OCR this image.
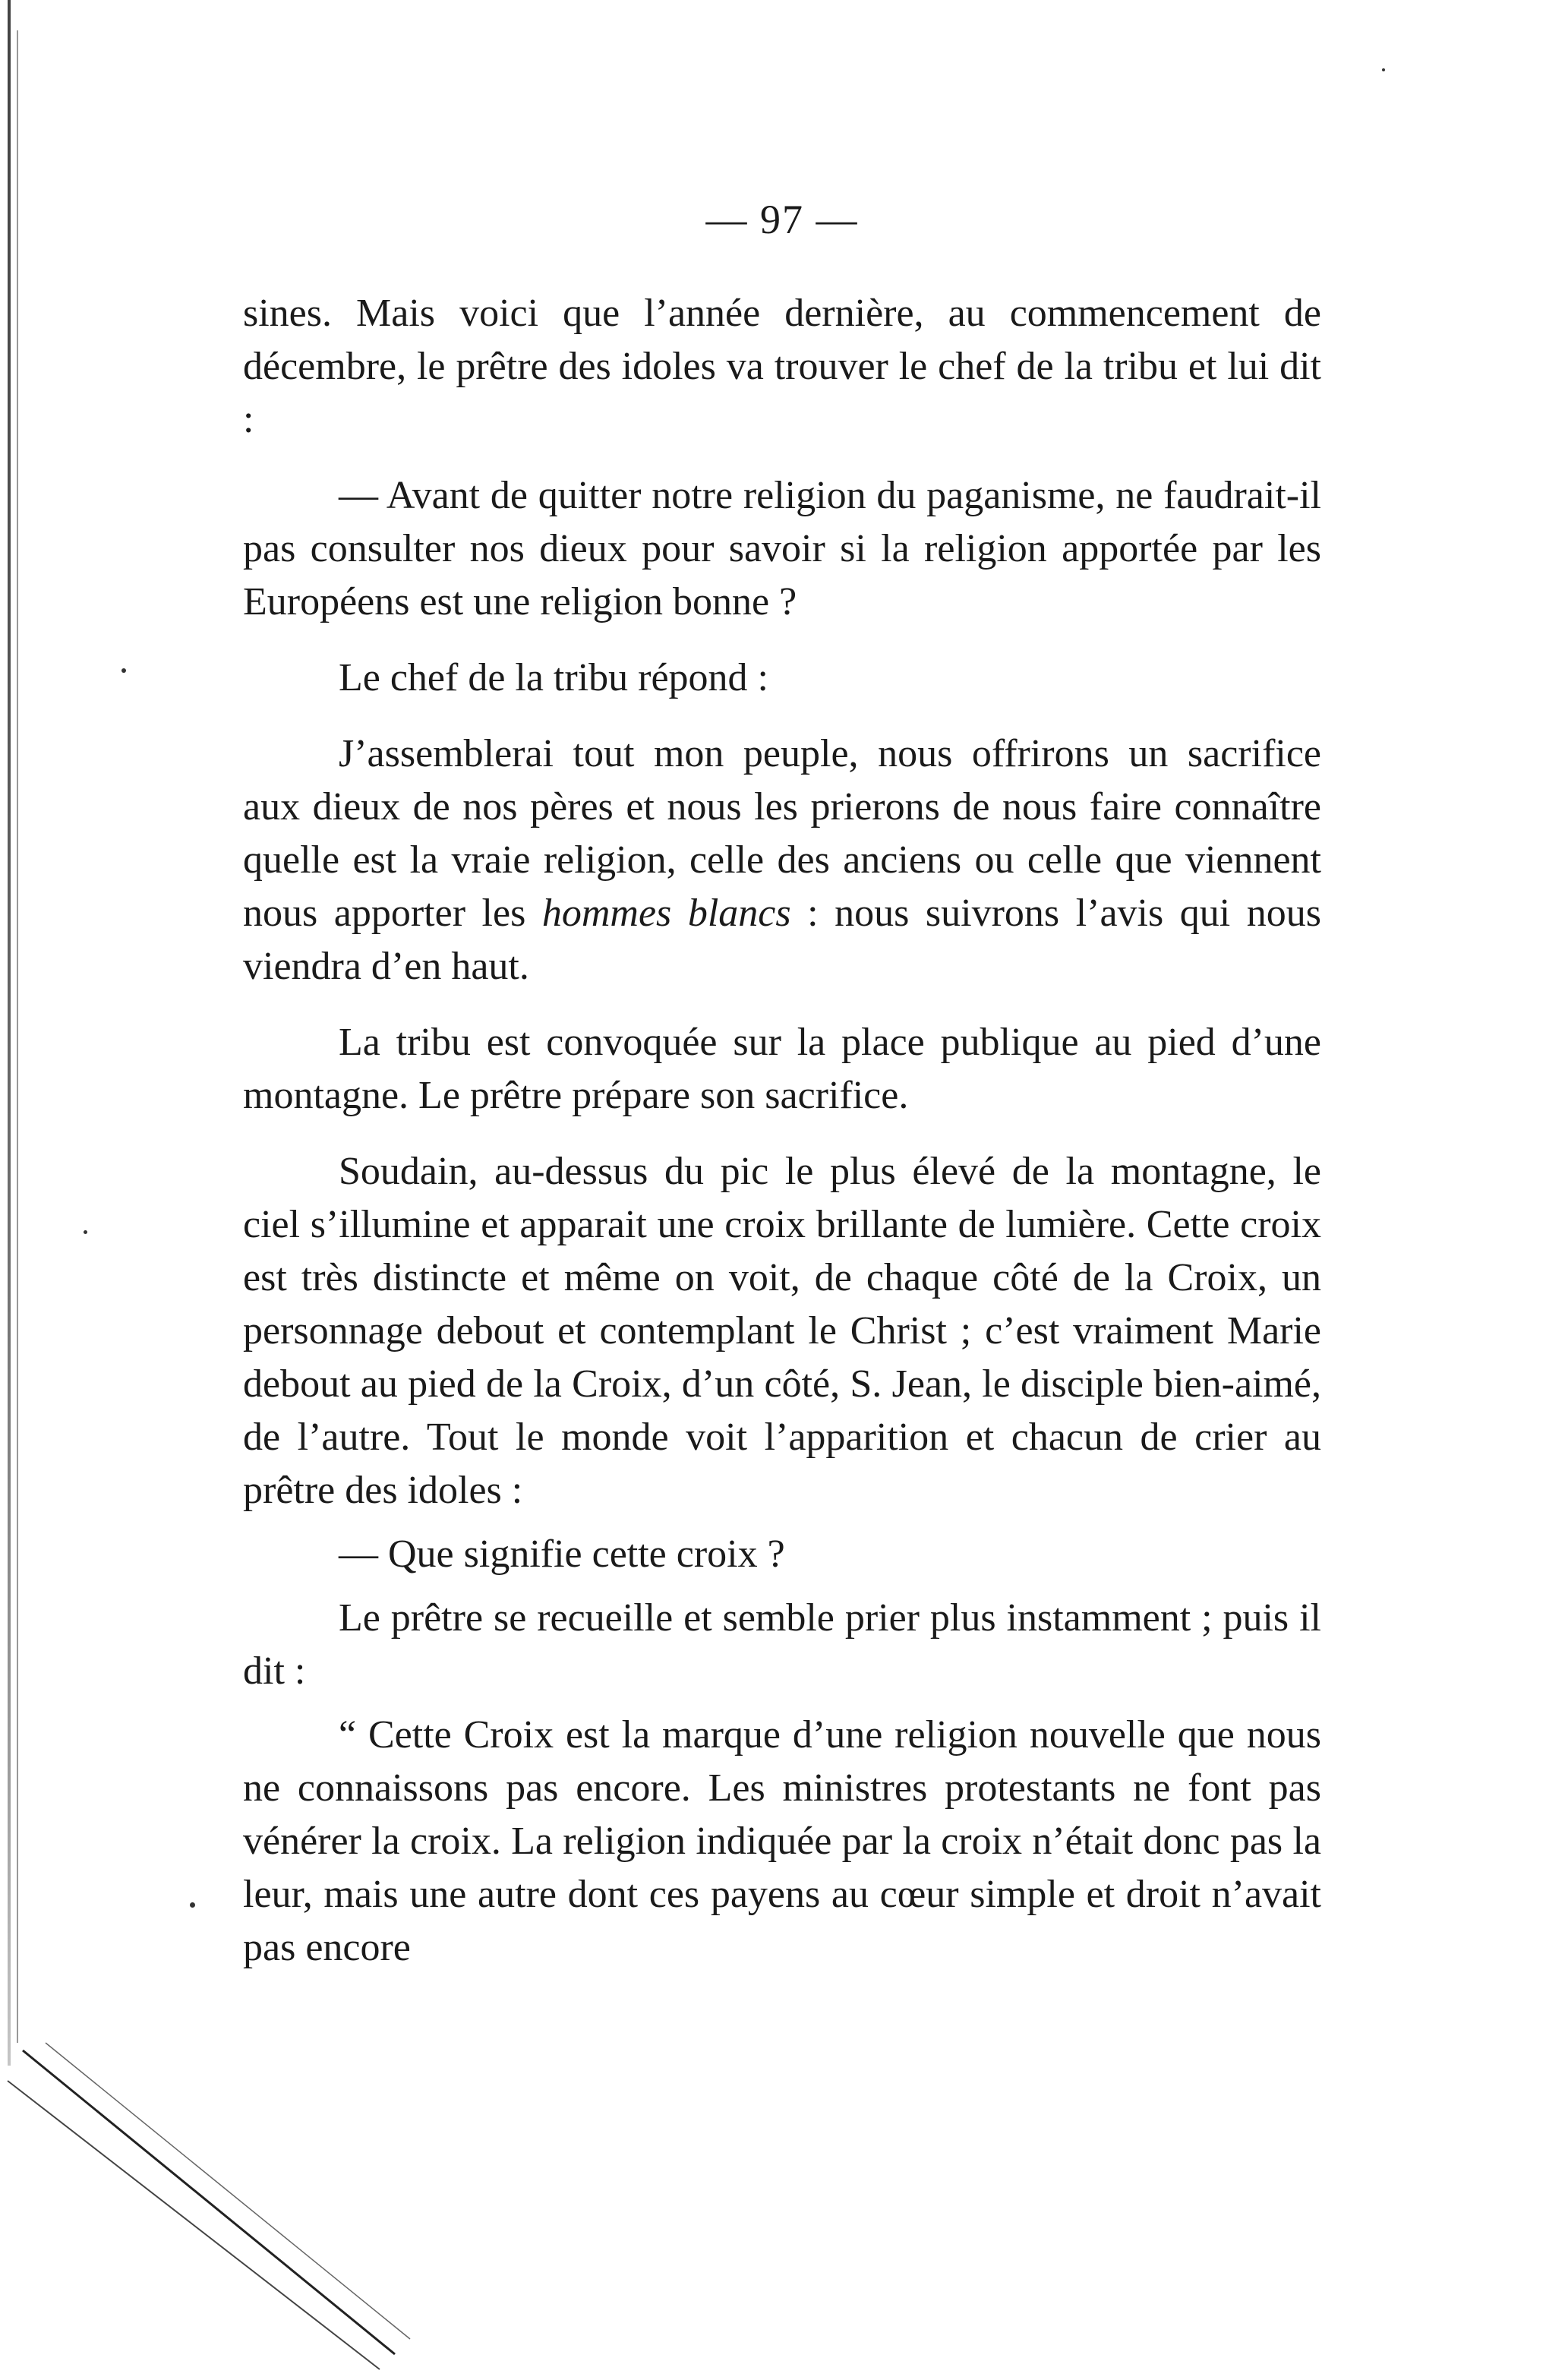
— 97 —

sines. Mais voici que l’année dernière, au commencement de décembre, le prêtre des idoles va trouver le chef de la tribu et lui dit :

— Avant de quitter notre religion du paganisme, ne faudrait-il pas consulter nos dieux pour savoir si la religion apportée par les Européens est une religion bonne ?

Le chef de la tribu répond :

J’assemblerai tout mon peuple, nous offrirons un sacrifice aux dieux de nos pères et nous les prierons de nous faire connaître quelle est la vraie religion, celle des anciens ou celle que viennent nous apporter les hommes blancs : nous suivrons l’avis qui nous viendra d’en haut.

La tribu est convoquée sur la place publique au pied d’une montagne. Le prêtre prépare son sacrifice.

Soudain, au-dessus du pic le plus élevé de la montagne, le ciel s’illumine et apparait une croix brillante de lumière. Cette croix est très distincte et même on voit, de chaque côté de la Croix, un personnage debout et contemplant le Christ ; c’est vraiment Marie debout au pied de la Croix, d’un côté, S. Jean, le disciple bien-aimé, de l’autre. Tout le monde voit l’apparition et chacun de crier au prêtre des idoles :

— Que signifie cette croix ?

Le prêtre se recueille et semble prier plus instamment ; puis il dit :

“ Cette Croix est la marque d’une religion nouvelle que nous ne connaissons pas encore. Les ministres protestants ne font pas vénérer la croix. La religion indiquée par la croix n’était donc pas la leur, mais une autre dont ces payens au cœur simple et droit n’avait pas encore
